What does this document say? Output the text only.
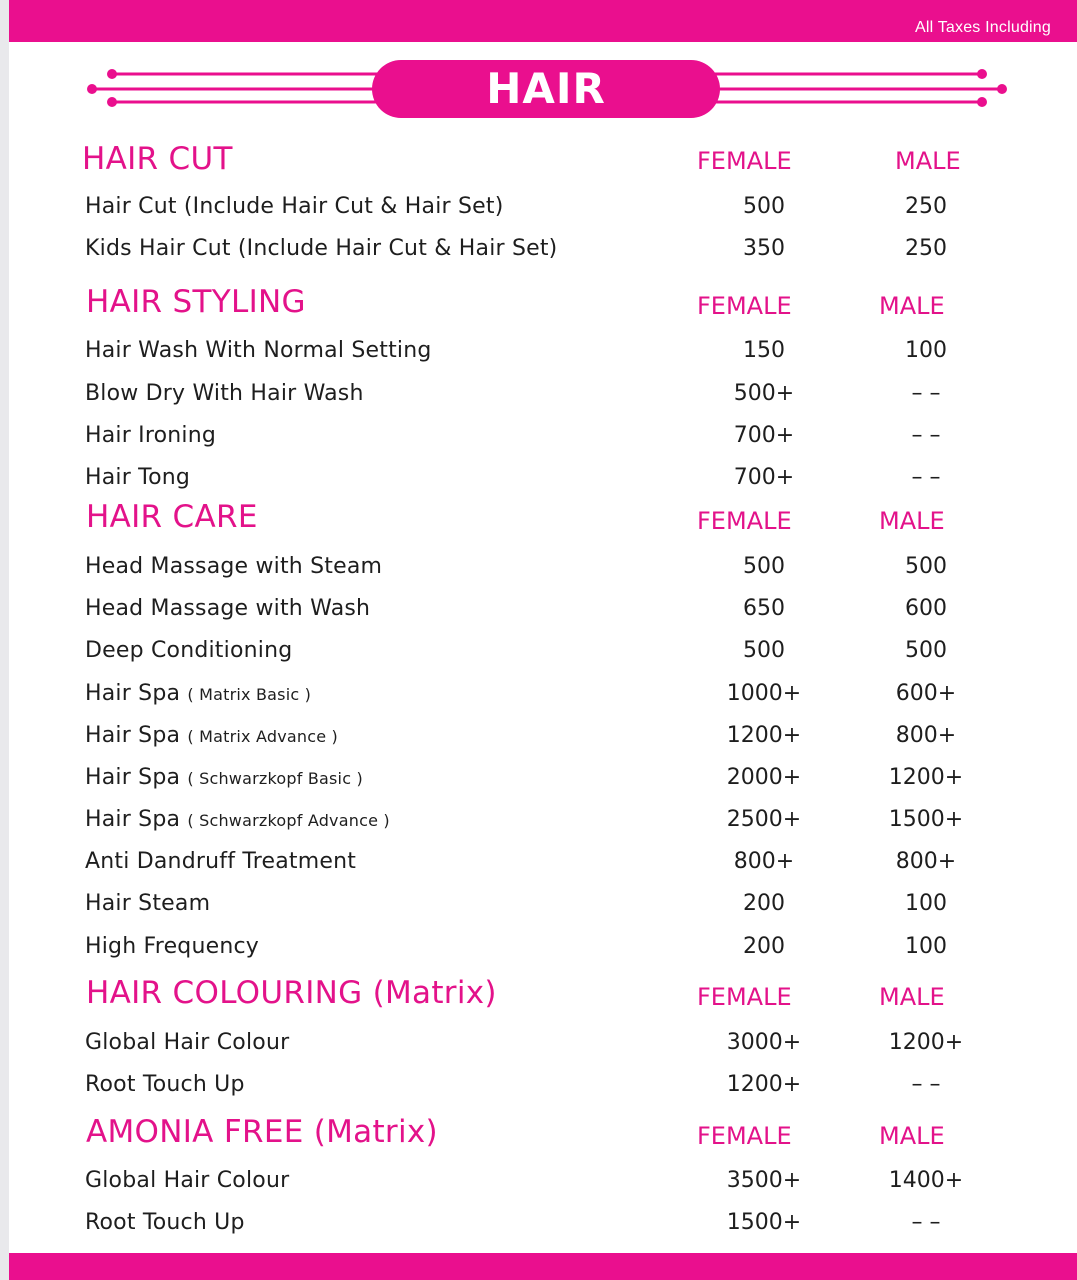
All Taxes Including
HAIR
HAIR CUT	FEMALE	MALE
Hair Cut (Include Hair Cut & Hair Set)	500	250
Kids Hair Cut (Include Hair Cut & Hair Set)	350	250
HAIR STYLING	FEMALE	MALE
Hair Wash With Normal Setting	150	100
Blow Dry With Hair Wash	500+	– –
Hair Ironing	700+	– –
Hair Tong	700+	– –
HAIR CARE	FEMALE	MALE
Head Massage with Steam	500	500
Head Massage with Wash	650	600
Deep Conditioning	500	500
Hair Spa ( Matrix Basic )	1000+	600+
Hair Spa ( Matrix Advance )	1200+	800+
Hair Spa ( Schwarzkopf Basic )	2000+	1200+
Hair Spa ( Schwarzkopf Advance )	2500+	1500+
Anti Dandruff Treatment	800+	800+
Hair Steam	200	100
High Frequency	200	100
HAIR COLOURING (Matrix)	FEMALE	MALE
Global Hair Colour	3000+	1200+
Root Touch Up	1200+	– –
AMONIA FREE (Matrix)	FEMALE	MALE
Global Hair Colour	3500+	1400+
Root Touch Up	1500+	– –
